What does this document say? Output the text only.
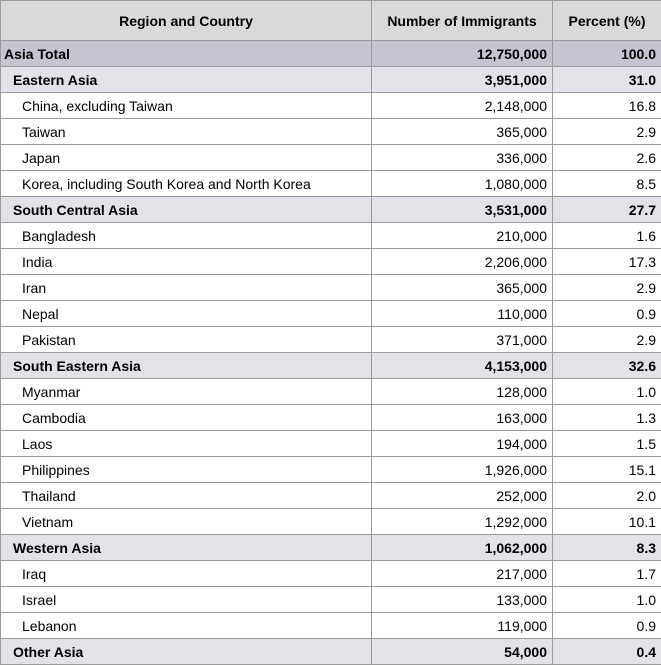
Region and Country	Number of Immigrants	Percent (%)
Asia Total	12,750,000	100.0
Eastern Asia	3,951,000	31.0
China, excluding Taiwan	2,148,000	16.8
Taiwan	365,000	2.9
Japan	336,000	2.6
Korea, including South Korea and North Korea	1,080,000	8.5
South Central Asia	3,531,000	27.7
Bangladesh	210,000	1.6
India	2,206,000	17.3
Iran	365,000	2.9
Nepal	110,000	0.9
Pakistan	371,000	2.9
South Eastern Asia	4,153,000	32.6
Myanmar	128,000	1.0
Cambodia	163,000	1.3
Laos	194,000	1.5
Philippines	1,926,000	15.1
Thailand	252,000	2.0
Vietnam	1,292,000	10.1
Western Asia	1,062,000	8.3
Iraq	217,000	1.7
Israel	133,000	1.0
Lebanon	119,000	0.9
Other Asia	54,000	0.4
